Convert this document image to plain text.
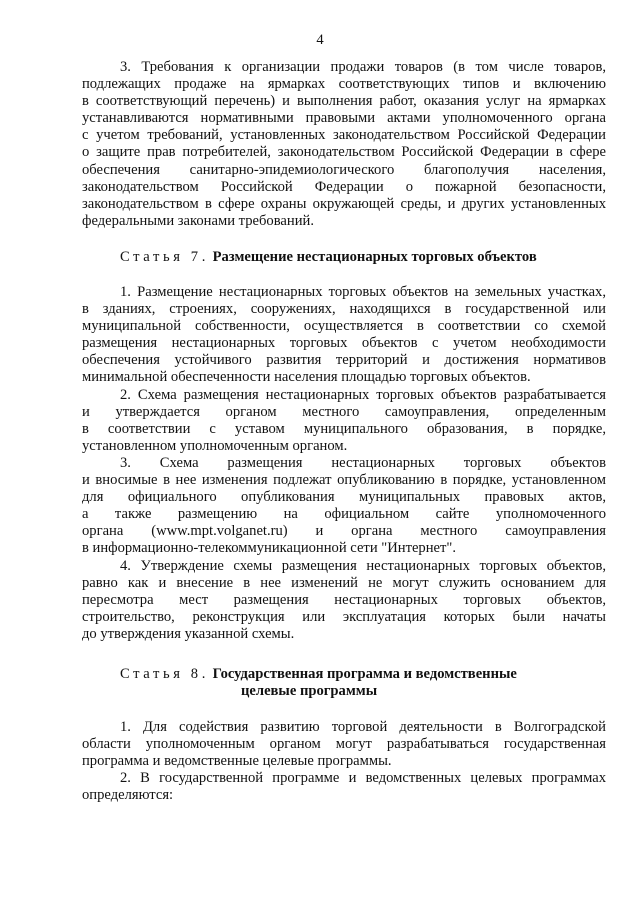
4

3. Требования к организации продажи товаров (в том числе товаров,

подлежащих продаже на ярмарках соответствующих типов и включению

в соответствующий перечень) и выполнения работ, оказания услуг на ярмарках

устанавливаются нормативными правовыми актами уполномоченного органа

с учетом требований, установленных законодательством Российской Федерации

о защите прав потребителей, законодательством Российской Федерации в сфере

обеспечения санитарно-эпидемиологического благополучия населения,

законодательством Российской Федерации о пожарной безопасности,

законодательством в сфере охраны окружающей среды, и других установленных

федеральными законами требований.

Статья 7. Размещение нестационарных торговых объектов

1. Размещение нестационарных торговых объектов на земельных участках,

в зданиях, строениях, сооружениях, находящихся в государственной или

муниципальной собственности, осуществляется в соответствии со схемой

размещения нестационарных торговых объектов с учетом необходимости

обеспечения устойчивого развития территорий и достижения нормативов

минимальной обеспеченности населения площадью торговых объектов.

2. Схема размещения нестационарных торговых объектов разрабатывается

и утверждается органом местного самоуправления, определенным

в соответствии с уставом муниципального образования, в порядке,

установленном уполномоченным органом.

3. Схема размещения нестационарных торговых объектов

и вносимые в нее изменения подлежат опубликованию в порядке, установленном

для официального опубликования муниципальных правовых актов,

а также размещению на официальном сайте уполномоченного

органа (www.mpt.volganet.ru) и органа местного самоуправления

в информационно-телекоммуникационной сети "Интернет".

4. Утверждение схемы размещения нестационарных торговых объектов,

равно как и внесение в нее изменений не могут служить основанием для

пересмотра мест размещения нестационарных торговых объектов,

строительство, реконструкция или эксплуатация которых были начаты

до утверждения указанной схемы.

Статья 8. Государственная программа и ведомственные
целевые программы

1. Для содействия развитию торговой деятельности в Волгоградской

области уполномоченным органом могут разрабатываться государственная

программа и ведомственные целевые программы.

2. В государственной программе и ведомственных целевых программах

определяются:
